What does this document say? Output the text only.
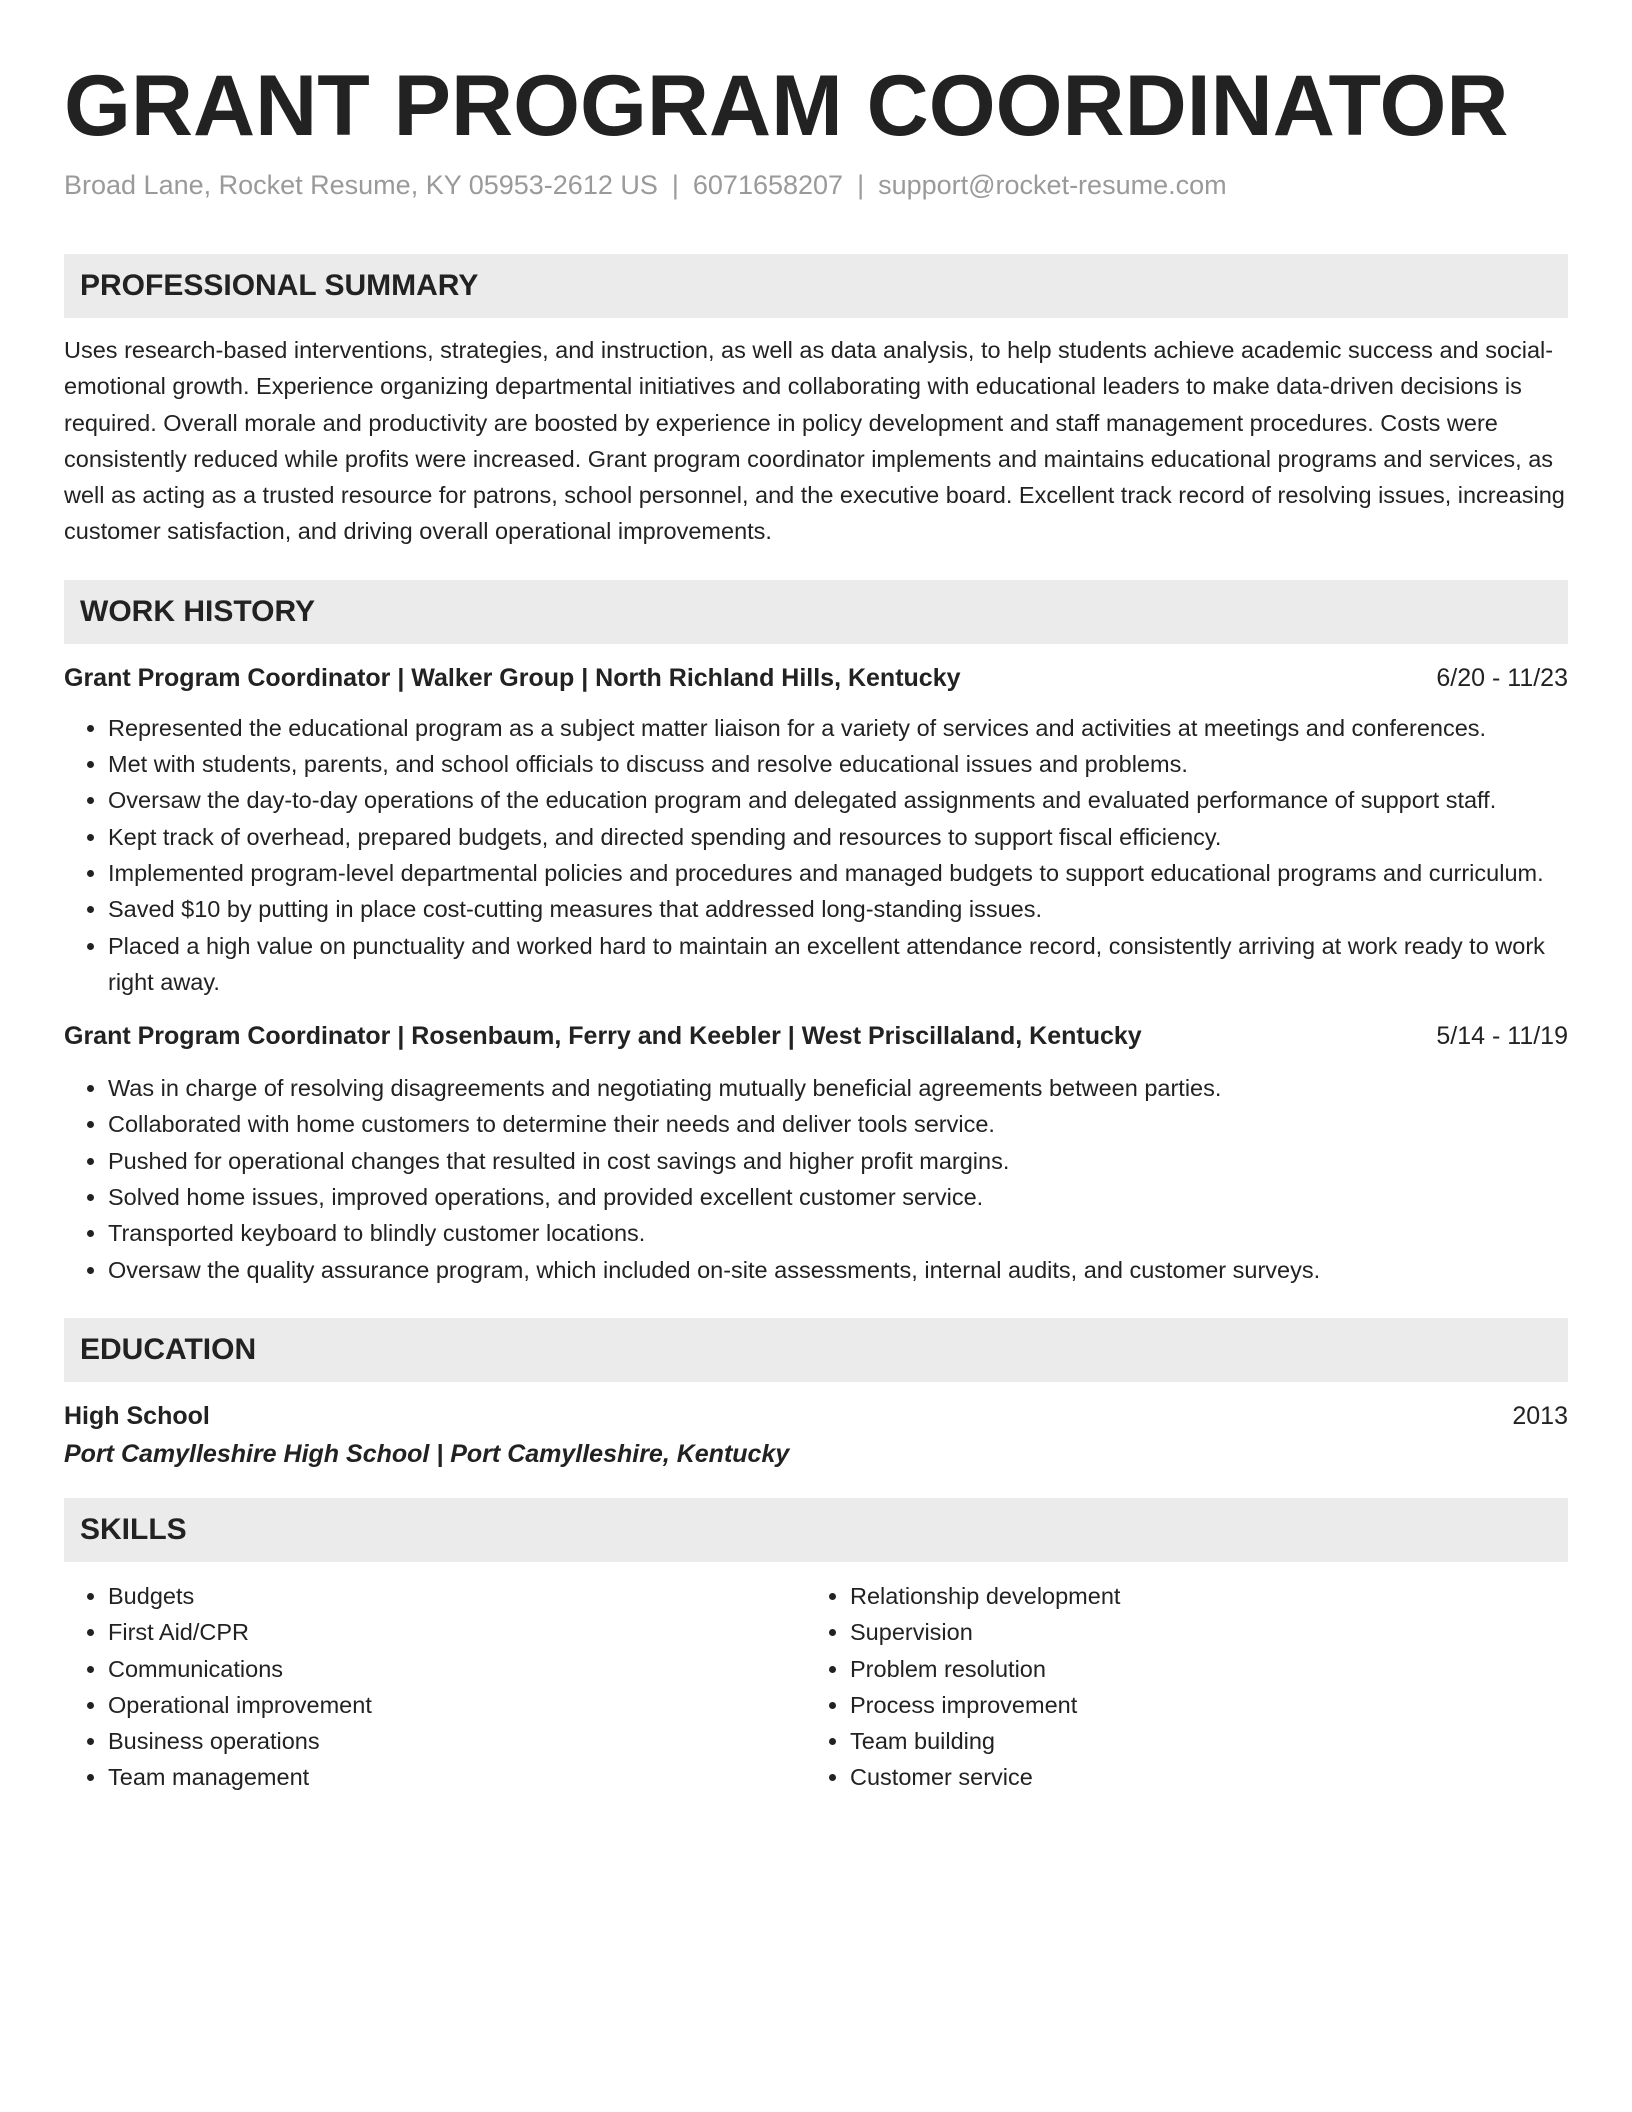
GRANT PROGRAM COORDINATOR
Broad Lane, Rocket Resume, KY 05953-2612 US | 6071658207 | support@rocket-resume.com
PROFESSIONAL SUMMARY
Uses research-based interventions, strategies, and instruction, as well as data analysis, to help students achieve academic success and social-emotional growth. Experience organizing departmental initiatives and collaborating with educational leaders to make data-driven decisions is required. Overall morale and productivity are boosted by experience in policy development and staff management procedures. Costs were consistently reduced while profits were increased. Grant program coordinator implements and maintains educational programs and services, as well as acting as a trusted resource for patrons, school personnel, and the executive board. Excellent track record of resolving issues, increasing customer satisfaction, and driving overall operational improvements.
WORK HISTORY
Grant Program Coordinator | Walker Group | North Richland Hills, Kentucky	6/20 - 11/23
• Represented the educational program as a subject matter liaison for a variety of services and activities at meetings and conferences.
• Met with students, parents, and school officials to discuss and resolve educational issues and problems.
• Oversaw the day-to-day operations of the education program and delegated assignments and evaluated performance of support staff.
• Kept track of overhead, prepared budgets, and directed spending and resources to support fiscal efficiency.
• Implemented program-level departmental policies and procedures and managed budgets to support educational programs and curriculum.
• Saved $10 by putting in place cost-cutting measures that addressed long-standing issues.
• Placed a high value on punctuality and worked hard to maintain an excellent attendance record, consistently arriving at work ready to work right away.
Grant Program Coordinator | Rosenbaum, Ferry and Keebler | West Priscillaland, Kentucky	5/14 - 11/19
• Was in charge of resolving disagreements and negotiating mutually beneficial agreements between parties.
• Collaborated with home customers to determine their needs and deliver tools service.
• Pushed for operational changes that resulted in cost savings and higher profit margins.
• Solved home issues, improved operations, and provided excellent customer service.
• Transported keyboard to blindly customer locations.
• Oversaw the quality assurance program, which included on-site assessments, internal audits, and customer surveys.
EDUCATION
High School	2013
Port Camylleshire High School | Port Camylleshire, Kentucky
SKILLS
• Budgets
• First Aid/CPR
• Communications
• Operational improvement
• Business operations
• Team management
• Relationship development
• Supervision
• Problem resolution
• Process improvement
• Team building
• Customer service
